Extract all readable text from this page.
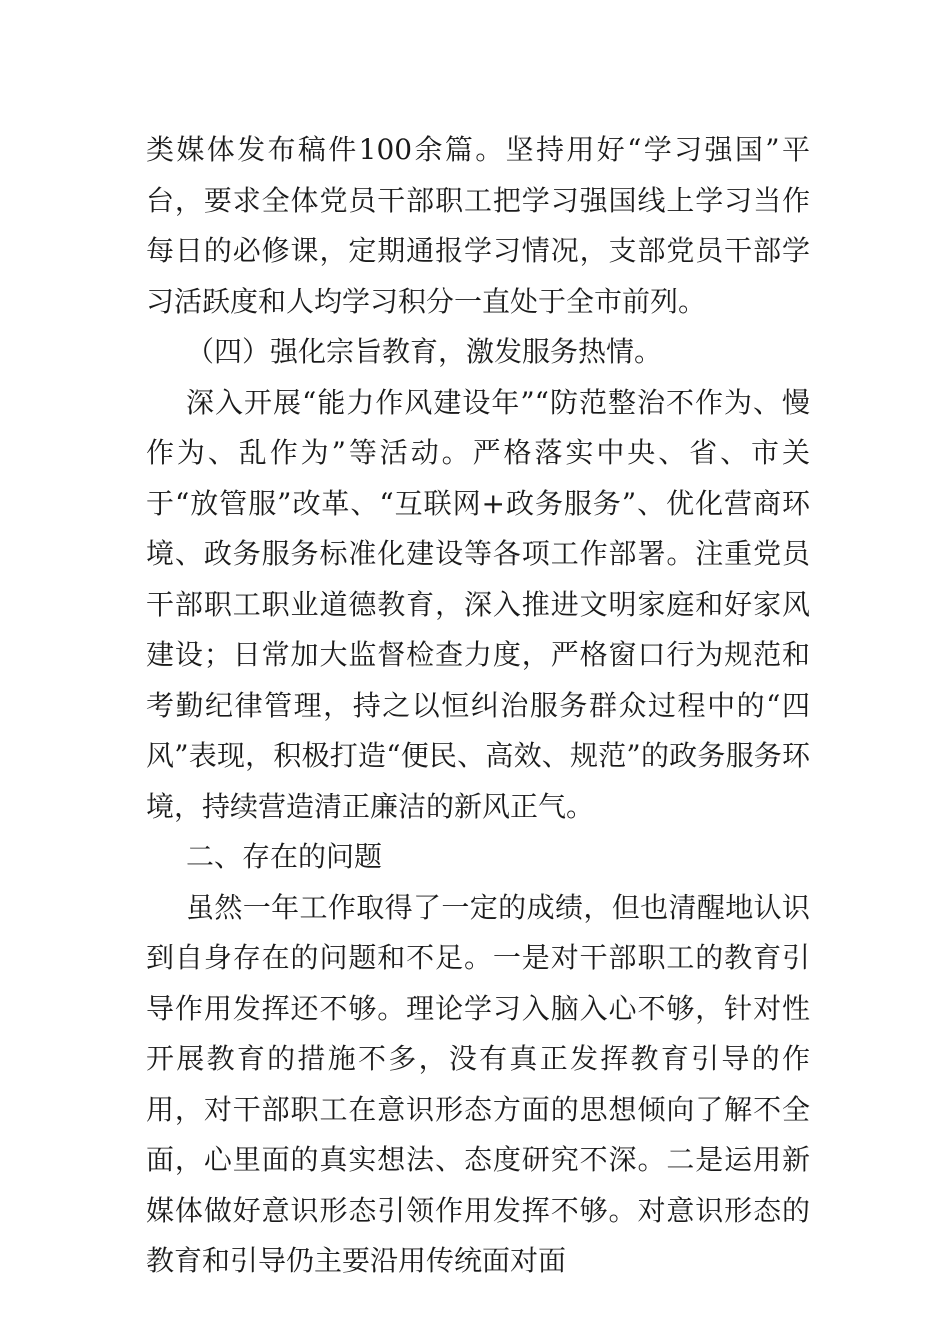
类媒体发布稿件100余篇。坚持用好“学习强国”平台，要求全体党员干部职工把学习强国线上学习当作每日的必修课，定期通报学习情况，支部党员干部学习活跃度和人均学习积分一直处于全市前列。

（四）强化宗旨教育，激发服务热情。

深入开展“能力作风建设年”“防范整治不作为、慢作为、乱作为”等活动。严格落实中央、省、市关于“放管服”改革、“互联网+政务服务”、优化营商环境、政务服务标准化建设等各项工作部署。注重党员干部职工职业道德教育，深入推进文明家庭和好家风建设；日常加大监督检查力度，严格窗口行为规范和考勤纪律管理，持之以恒纠治服务群众过程中的“四风”表现，积极打造“便民、高效、规范”的政务服务环境，持续营造清正廉洁的新风正气。

二、存在的问题

虽然一年工作取得了一定的成绩，但也清醒地认识到自身存在的问题和不足。一是对干部职工的教育引导作用发挥还不够。理论学习入脑入心不够，针对性开展教育的措施不多，没有真正发挥教育引导的作用，对干部职工在意识形态方面的思想倾向了解不全面，心里面的真实想法、态度研究不深。二是运用新媒体做好意识形态引领作用发挥不够。对意识形态的教育和引导仍主要沿用传统面对面
